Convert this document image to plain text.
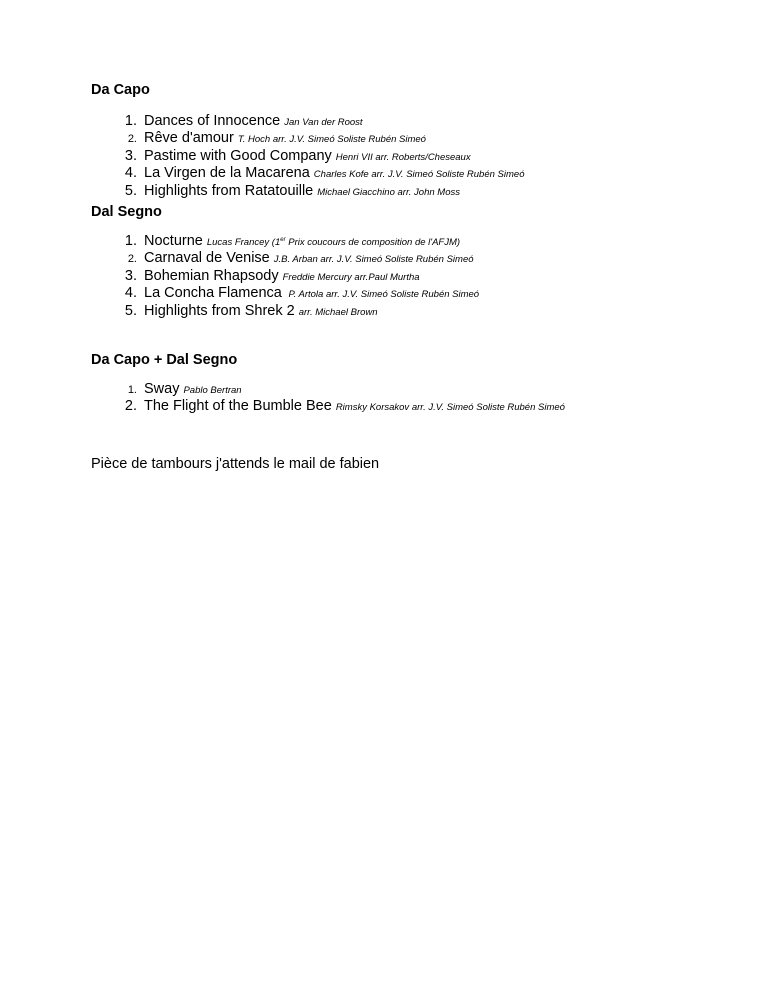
Da Capo
1. Dances of Innocence Jan Van der Roost
2. Rêve d'amour T. Hoch arr. J.V. Simeó Soliste Rubén Simeó
3. Pastime with Good Company Henri VII arr. Roberts/Cheseaux
4. La Virgen de la Macarena Charles Kofe arr. J.V. Simeó Soliste Rubén Simeó
5. Highlights from Ratatouille Michael Giacchino arr. John Moss
Dal Segno
1. Nocturne Lucas Francey (1er Prix coucours de composition de l'AFJM)
2. Carnaval de Venise J.B. Arban arr. J.V. Simeó Soliste Rubén Simeó
3. Bohemian Rhapsody Freddie Mercury arr.Paul Murtha
4. La Concha Flamenca P. Artola arr. J.V. Simeó Soliste Rubén Simeó
5. Highlights from Shrek 2 arr. Michael Brown
Da Capo + Dal Segno
1. Sway Pablo Bertran
2. The Flight of the Bumble Bee Rimsky Korsakov arr. J.V. Simeó Soliste Rubén Simeó

Pièce de tambours j'attends le mail de fabien
